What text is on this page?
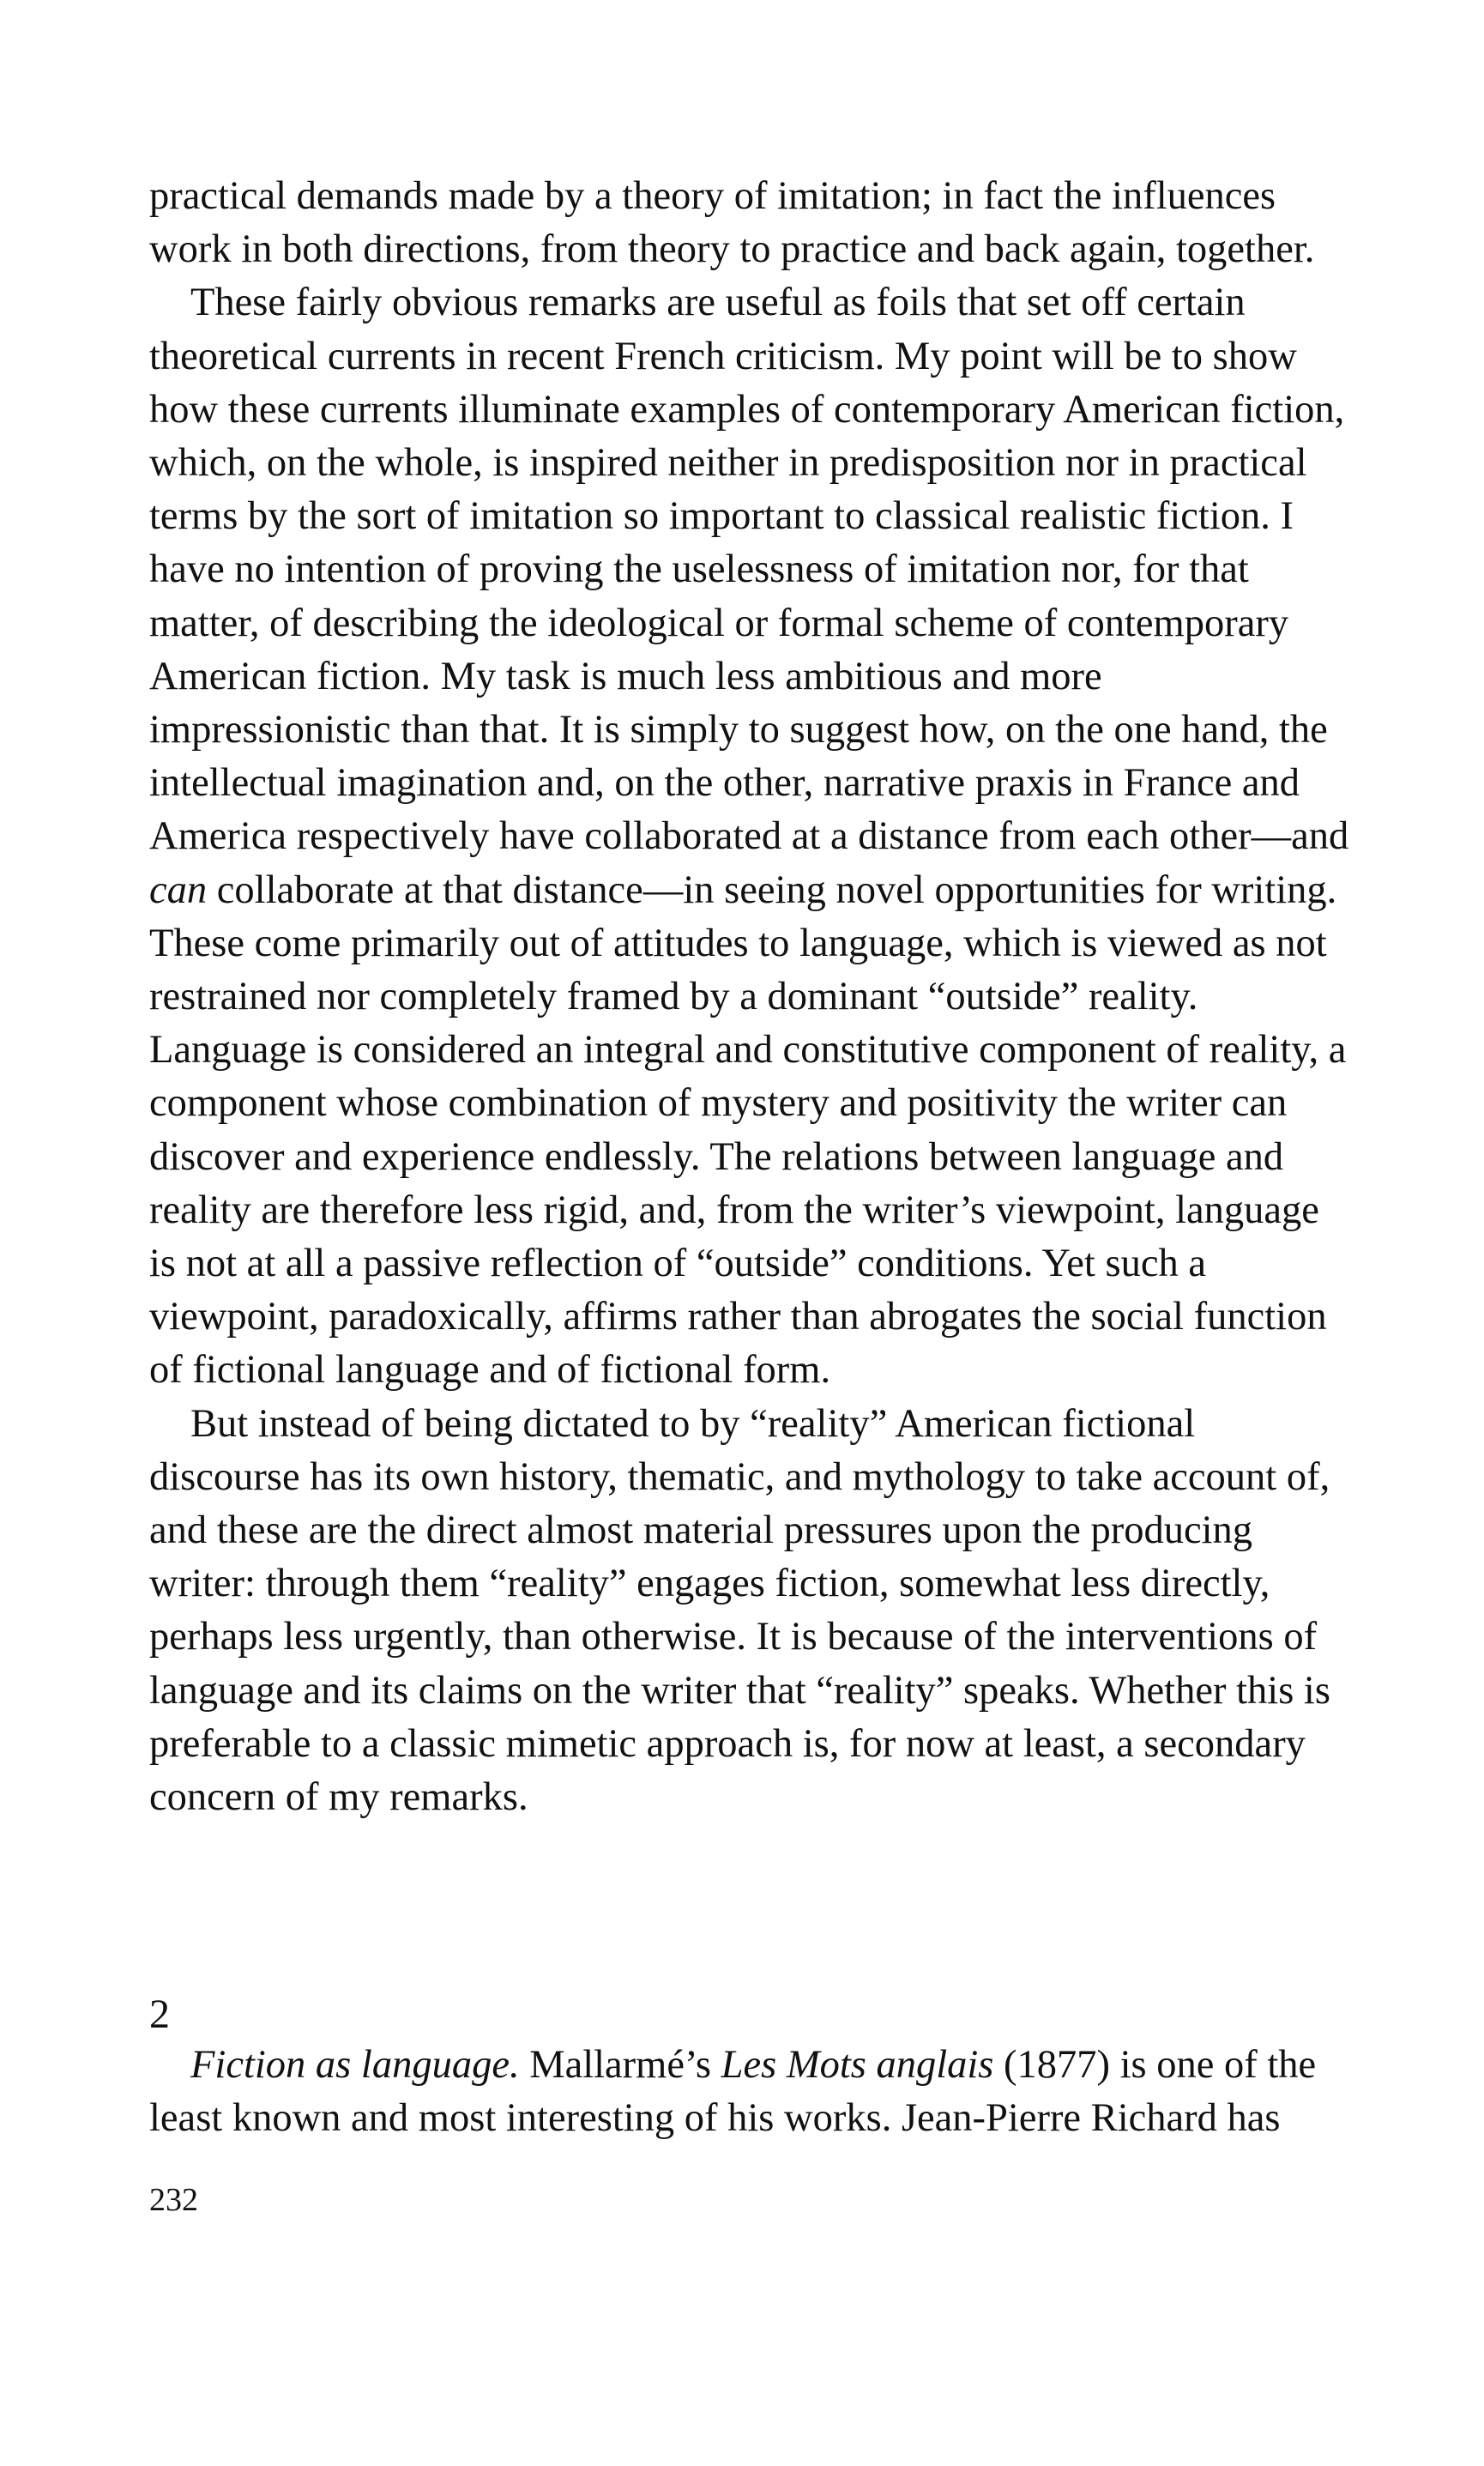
practical demands made by a theory of imitation; in fact the influences work in both directions, from theory to practice and back again, together.

These fairly obvious remarks are useful as foils that set off certain theoretical currents in recent French criticism. My point will be to show how these currents illuminate examples of contemporary American fiction, which, on the whole, is inspired neither in predisposition nor in practical terms by the sort of imitation so important to classical realistic fiction. I have no intention of proving the uselessness of imitation nor, for that matter, of describing the ideological or formal scheme of contemporary American fiction. My task is much less ambitious and more impressionistic than that. It is simply to suggest how, on the one hand, the intellectual imagination and, on the other, narrative praxis in France and America respectively have collaborated at a distance from each other—and can collaborate at that distance—in seeing novel opportunities for writing. These come primarily out of attitudes to language, which is viewed as not restrained nor completely framed by a dominant “outside” reality. Language is considered an integral and constitutive component of reality, a component whose combination of mystery and positivity the writer can discover and experience endlessly. The relations between language and reality are therefore less rigid, and, from the writer’s viewpoint, language is not at all a passive reflection of “outside” conditions. Yet such a viewpoint, paradoxically, affirms rather than abrogates the social function of fictional language and of fictional form.

But instead of being dictated to by “reality” American fictional discourse has its own history, thematic, and mythology to take account of, and these are the direct almost material pressures upon the producing writer: through them “reality” engages fiction, somewhat less directly, perhaps less urgently, than otherwise. It is because of the interventions of language and its claims on the writer that “reality” speaks. Whether this is preferable to a classic mimetic approach is, for now at least, a secondary concern of my remarks.

2

Fiction as language. Mallarmé’s Les Mots anglais (1877) is one of the least known and most interesting of his works. Jean-Pierre Richard has

232
